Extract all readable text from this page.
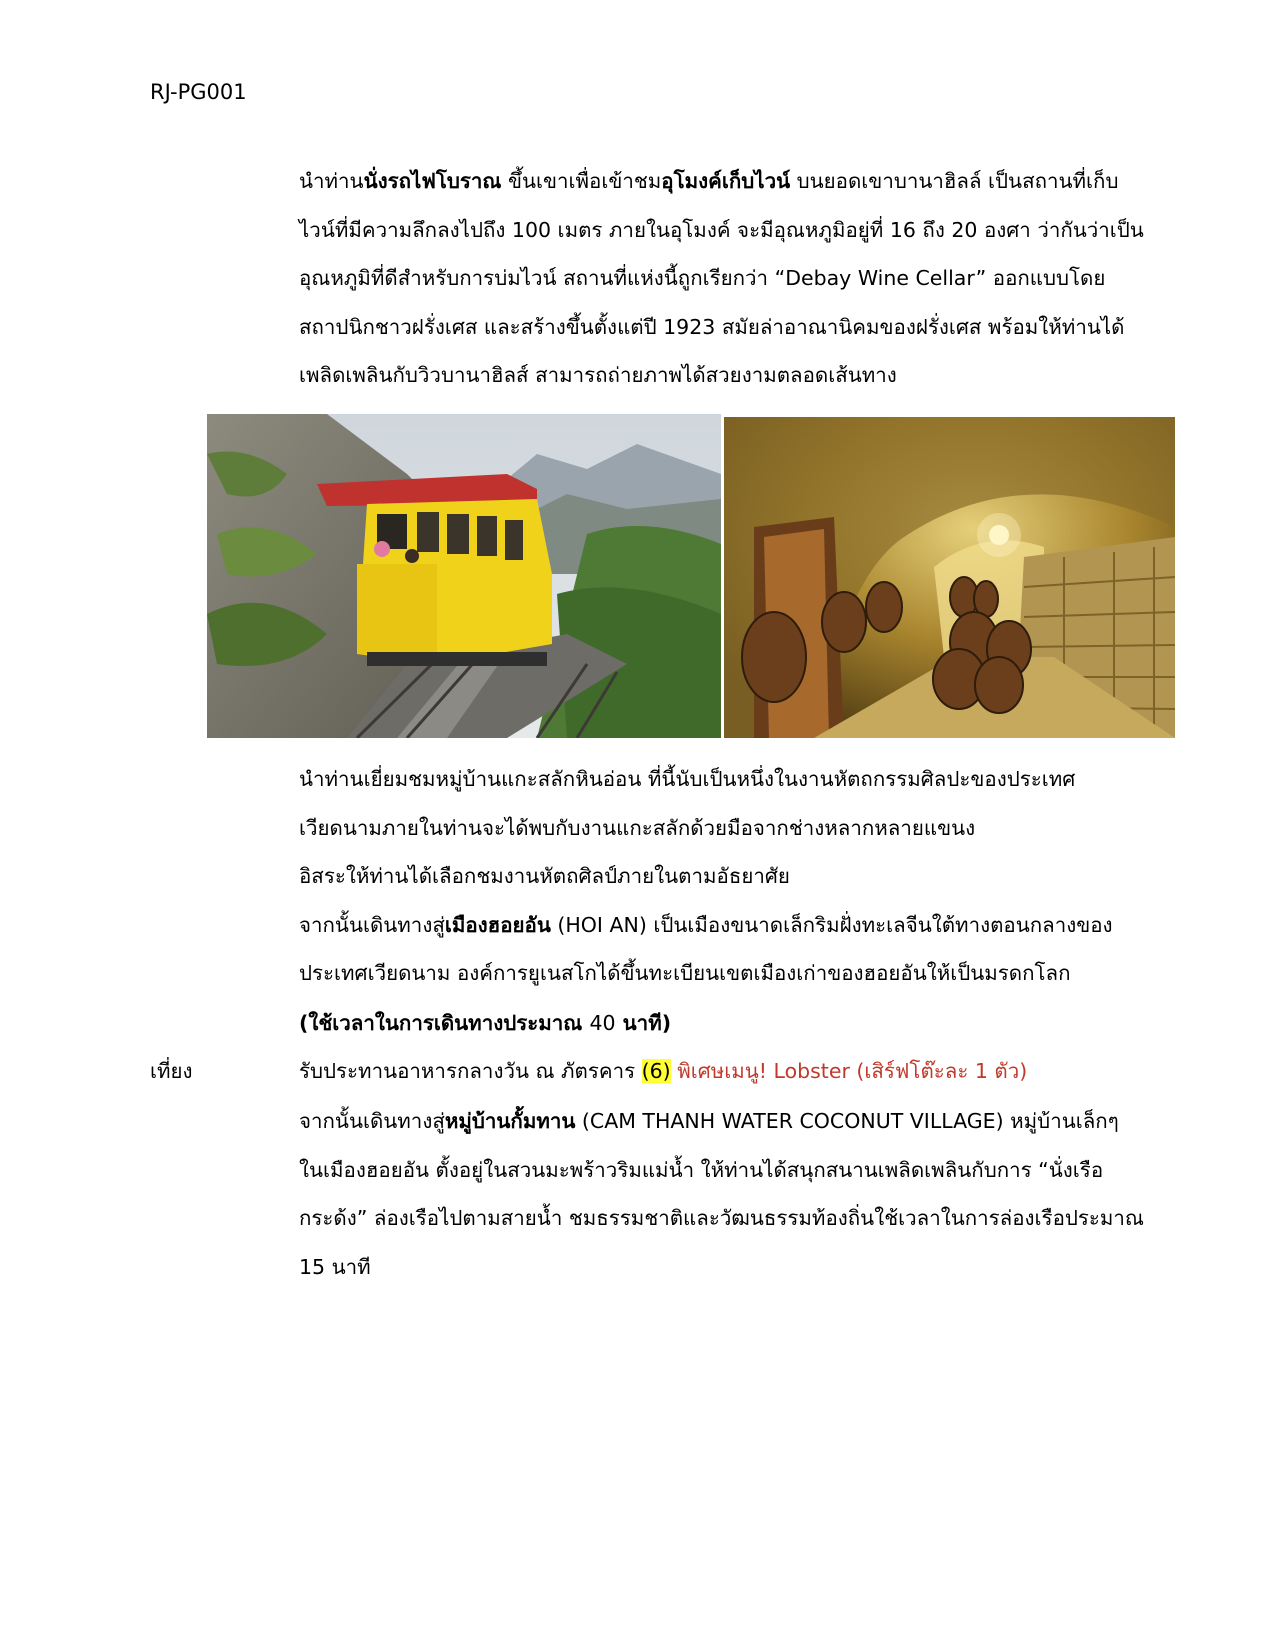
RJ-PG001
นำท่านนั่งรถไฟโบราณ ขึ้นเขาเพื่อเข้าชมอุโมงค์เก็บไวน์ บนยอดเขาบานาฮิลล์ เป็นสถานที่เก็บ
ไวน์ที่มีความลึกลงไปถึง 100 เมตร ภายในอุโมงค์ จะมีอุณหภูมิอยู่ที่ 16 ถึง 20 องศา ว่ากันว่าเป็น
อุณหภูมิที่ดีสำหรับการบ่มไวน์ สถานที่แห่งนี้ถูกเรียกว่า “Debay Wine Cellar” ออกแบบโดย
สถาปนิกชาวฝรั่งเศส และสร้างขึ้นตั้งแต่ปี 1923 สมัยล่าอาณานิคมของฝรั่งเศส พร้อมให้ท่านได้
เพลิดเพลินกับวิวบานาฮิลส์ สามารถถ่ายภาพได้สวยงามตลอดเส้นทาง
นำท่านเยี่ยมชมหมู่บ้านแกะสลักหินอ่อน ที่นี้นับเป็นหนึ่งในงานหัตถกรรมศิลปะของประเทศ
เวียดนามภายในท่านจะได้พบกับงานแกะสลักด้วยมือจากช่างหลากหลายแขนง
อิสระให้ท่านได้เลือกชมงานหัตถศิลป์ภายในตามอัธยาศัย
จากนั้นเดินทางสู่เมืองฮอยอัน (HOI AN) เป็นเมืองขนาดเล็กริมฝั่งทะเลจีนใต้ทางตอนกลางของ
ประเทศเวียดนาม องค์การยูเนสโกได้ขึ้นทะเบียนเขตเมืองเก่าของฮอยอันให้เป็นมรดกโลก
(ใช้เวลาในการเดินทางประมาณ 40 นาที)
เที่ยง	รับประทานอาหารกลางวัน ณ ภัตรคาร (6) พิเศษเมนู! Lobster (เสิร์ฟโต๊ะละ 1 ตัว)
จากนั้นเดินทางสู่หมู่บ้านกั้มทาน (CAM THANH WATER COCONUT VILLAGE) หมู่บ้านเล็กๆ
ในเมืองฮอยอัน ตั้งอยู่ในสวนมะพร้าวริมแม่น้ำ ให้ท่านได้สนุกสนานเพลิดเพลินกับการ “นั่งเรือ
กระด้ง” ล่องเรือไปตามสายน้ำ ชมธรรมชาติและวัฒนธรรมท้องถิ่นใช้เวลาในการล่องเรือประมาณ
15 นาที
